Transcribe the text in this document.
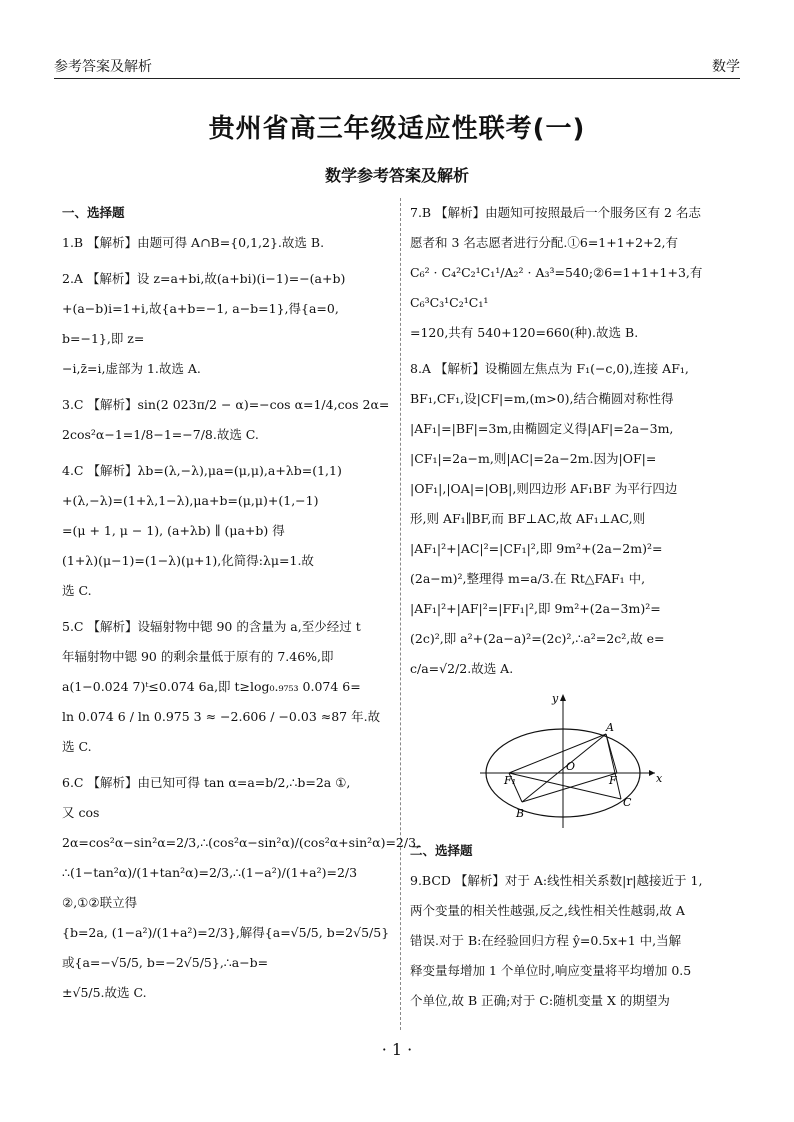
参考答案及解析	数学
贵州省高三年级适应性联考(一)
数学参考答案及解析

一、选择题

1.B 【解析】由题可得 A∩B={0,1,2}.故选 B.

2.A 【解析】设 z=a+bi,故(a+bi)(i−1)=−(a+b)

+(a−b)i=1+i,故{a+b=−1, a−b=1},得{a=0, b=−1},即 z=

−i,z̄=i,虚部为 1.故选 A.

3.C 【解析】sin(2 023π/2 − α)=−cos α=1/4,cos 2α=

2cos²α−1=1/8−1=−7/8.故选 C.

4.C 【解析】λb=(λ,−λ),μa=(μ,μ),a+λb=(1,1)

+(λ,−λ)=(1+λ,1−λ),μa+b=(μ,μ)+(1,−1)

=(μ + 1, μ − 1), (a+λb) ∥ (μa+b) 得

(1+λ)(μ−1)=(1−λ)(μ+1),化简得:λμ=1.故

选 C.

5.C 【解析】设辐射物中锶 90 的含量为 a,至少经过 t

年辐射物中锶 90 的剩余量低于原有的 7.46%,即

a(1−0.024 7)ᵗ≤0.074 6a,即 t≥log₀.₉₇₅₃ 0.074 6=

ln 0.074 6 / ln 0.975 3 ≈ −2.606 / −0.03 ≈87 年.故选 C.

6.C 【解析】由已知可得 tan α=a=b/2,∴b=2a ①,

又 cos 2α=cos²α−sin²α=2/3,∴(cos²α−sin²α)/(cos²α+sin²α)=2/3,

∴(1−tan²α)/(1+tan²α)=2/3,∴(1−a²)/(1+a²)=2/3 ②,①②联立得

{b=2a, (1−a²)/(1+a²)=2/3},解得{a=√5/5, b=2√5/5}或{a=−√5/5, b=−2√5/5},∴a−b=

±√5/5.故选 C.

7.B 【解析】由题知可按照最后一个服务区有 2 名志

愿者和 3 名志愿者进行分配.①6=1+1+2+2,有

C₆² · C₄²C₂¹C₁¹/A₂² · A₃³=540;②6=1+1+1+3,有 C₆³C₃¹C₂¹C₁¹

=120,共有 540+120=660(种).故选 B.

8.A 【解析】设椭圆左焦点为 F₁(−c,0),连接 AF₁,

BF₁,CF₁,设|CF|=m,(m>0),结合椭圆对称性得

|AF₁|=|BF|=3m,由椭圆定义得|AF|=2a−3m,

|CF₁|=2a−m,则|AC|=2a−2m.因为|OF|=

|OF₁|,|OA|=|OB|,则四边形 AF₁BF 为平行四边

形,则 AF₁∥BF,而 BF⊥AC,故 AF₁⊥AC,则

|AF₁|²+|AC|²=|CF₁|²,即 9m²+(2a−2m)²=

(2a−m)²,整理得 m=a/3.在 Rt△FAF₁ 中,

|AF₁|²+|AF|²=|FF₁|²,即 9m²+(2a−3m)²=

(2c)²,即 a²+(2a−a)²=(2c)²,∴a²=2c²,故 e=

c/a=√2/2.故选 A.

y
x
A
B
C
O
F
F₁

二、选择题

9.BCD 【解析】对于 A:线性相关系数|r|越接近于 1,

两个变量的相关性越强,反之,线性相关性越弱,故 A

错误.对于 B:在经验回归方程 ŷ=0.5x+1 中,当解

释变量每增加 1 个单位时,响应变量将平均增加 0.5

个单位,故 B 正确;对于 C:随机变量 X 的期望为

· 1 ·
